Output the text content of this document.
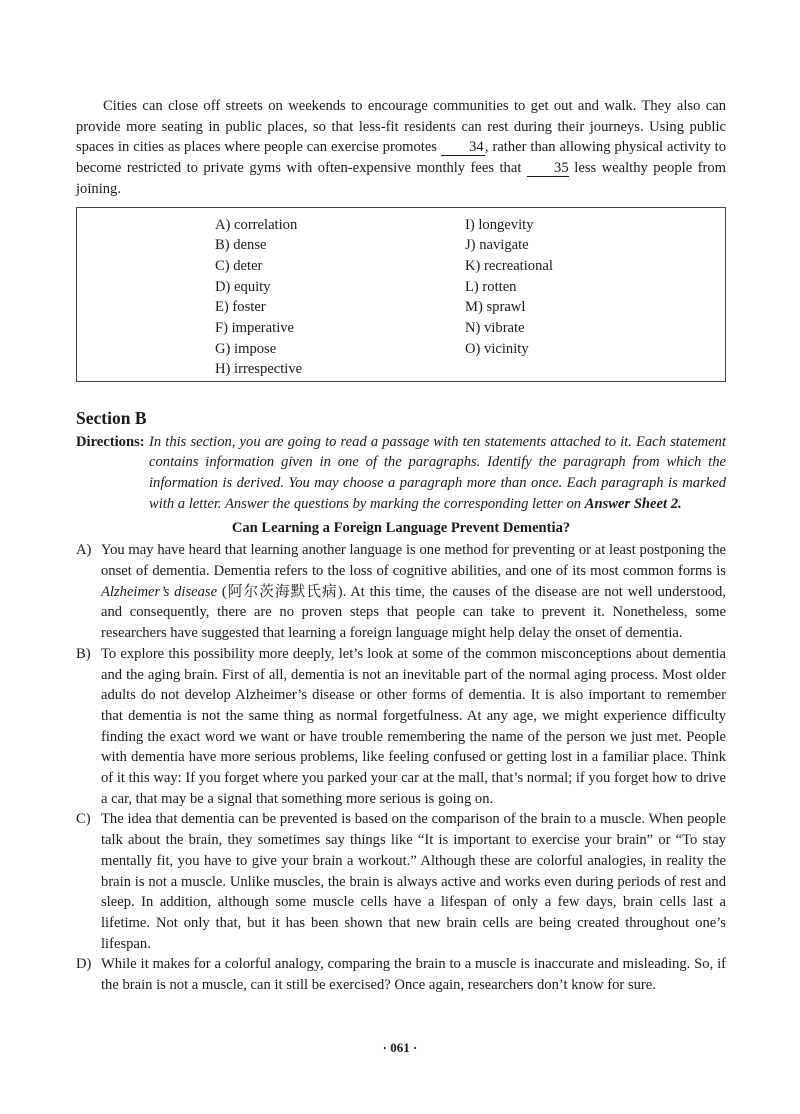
Cities can close off streets on weekends to encourage communities to get out and walk. They also can provide more seating in public places, so that less-fit residents can rest during their journeys. Using public spaces in cities as places where people can exercise promotes 34, rather than allowing physical activity to become restricted to private gyms with often-expensive monthly fees that 35 less wealthy people from joining.

A) correlation
B) dense
C) deter
D) equity
E) foster
F) imperative
G) impose
H) irrespective
I) longevity
J) navigate
K) recreational
L) rotten
M) sprawl
N) vibrate
O) vicinity
Section B
Directions: In this section, you are going to read a passage with ten statements attached to it. Each statement contains information given in one of the paragraphs. Identify the paragraph from which the information is derived. You may choose a paragraph more than once. Each paragraph is marked with a letter. Answer the questions by marking the corresponding letter on Answer Sheet 2.

Can Learning a Foreign Language Prevent Dementia?
A) You may have heard that learning another language is one method for preventing or at least postponing the onset of dementia. Dementia refers to the loss of cognitive abilities, and one of its most common forms is Alzheimer’s disease (阿尔茨海默氏病). At this time, the causes of the disease are not well understood, and consequently, there are no proven steps that people can take to prevent it. Nonetheless, some researchers have suggested that learning a foreign language might help delay the onset of dementia.

B) To explore this possibility more deeply, let’s look at some of the common misconceptions about dementia and the aging brain. First of all, dementia is not an inevitable part of the normal aging process. Most older adults do not develop Alzheimer’s disease or other forms of dementia. It is also important to remember that dementia is not the same thing as normal forgetfulness. At any age, we might experience difficulty finding the exact word we want or have trouble remembering the name of the person we just met. People with dementia have more serious problems, like feeling confused or getting lost in a familiar place. Think of it this way: If you forget where you parked your car at the mall, that’s normal; if you forget how to drive a car, that may be a signal that something more serious is going on.

C) The idea that dementia can be prevented is based on the comparison of the brain to a muscle. When people talk about the brain, they sometimes say things like “It is important to exercise your brain” or “To stay mentally fit, you have to give your brain a workout.” Although these are colorful analogies, in reality the brain is not a muscle. Unlike muscles, the brain is always active and works even during periods of rest and sleep. In addition, although some muscle cells have a lifespan of only a few days, brain cells last a lifetime. Not only that, but it has been shown that new brain cells are being created throughout one’s lifespan.

D) While it makes for a colorful analogy, comparing the brain to a muscle is inaccurate and misleading. So, if the brain is not a muscle, can it still be exercised? Once again, researchers don’t know for sure.

· 061 ·
